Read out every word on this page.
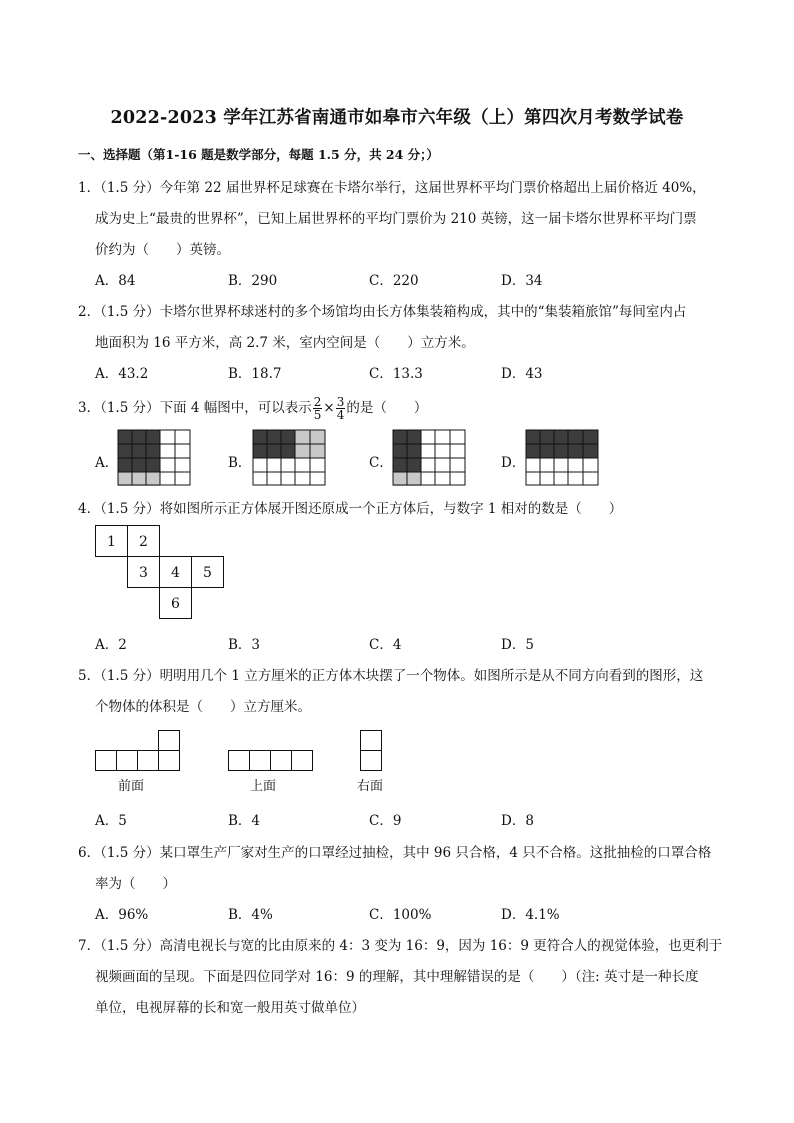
2022-2023 学年江苏省南通市如皋市六年级（上）第四次月考数学试卷
一、选择题（第1-16 题是数学部分，每题 1.5 分，共 24 分；）
1．（1.5 分）今年第 22 届世界杯足球赛在卡塔尔举行，这届世界杯平均门票价格超出上届价格近 40%，
成为史上“最贵的世界杯”，已知上届世界杯的平均门票价为 210 英镑，这一届卡塔尔世界杯平均门票
价约为（　　）英镑。
A．84	B．290	C．220	D．34
2．（1.5 分）卡塔尔世界杯球迷村的多个场馆均由长方体集装箱构成，其中的“集装箱旅馆”每间室内占
地面积为 16 平方米，高 2.7 米，室内空间是（　　）立方米。
A．43.2	B．18.7	C．13.3	D．43
3．（1.5 分）下面 4 幅图中，可以表示 $\frac{2}{5} \times \frac{3}{4}$ 的是（　　）
A．	B．	C．	D．
4．（1.5 分）将如图所示正方体展开图还原成一个正方体后，与数字 1 相对的数是（　　）
1 2
3 4 5
6
A．2	B．3	C．4	D．5
5．（1.5 分）明明用几个 1 立方厘米的正方体木块摆了一个物体。如图所示是从不同方向看到的图形，这
个物体的体积是（　　）立方厘米。
前面	上面	右面
A．5	B．4	C．9	D．8
6．（1.5 分）某口罩生产厂家对生产的口罩经过抽检，其中 96 只合格，4 只不合格。这批抽检的口罩合格
率为（　　）
A．96%	B．4%	C．100%	D．4.1%
7．（1.5 分）高清电视长与宽的比由原来的 4：3 变为 16：9，因为 16：9 更符合人的视觉体验，也更利于
视频画面的呈现。下面是四位同学对 16：9 的理解，其中理解错误的是（　　）（注: 英寸是一种长度
单位，电视屏幕的长和宽一般用英寸做单位）
